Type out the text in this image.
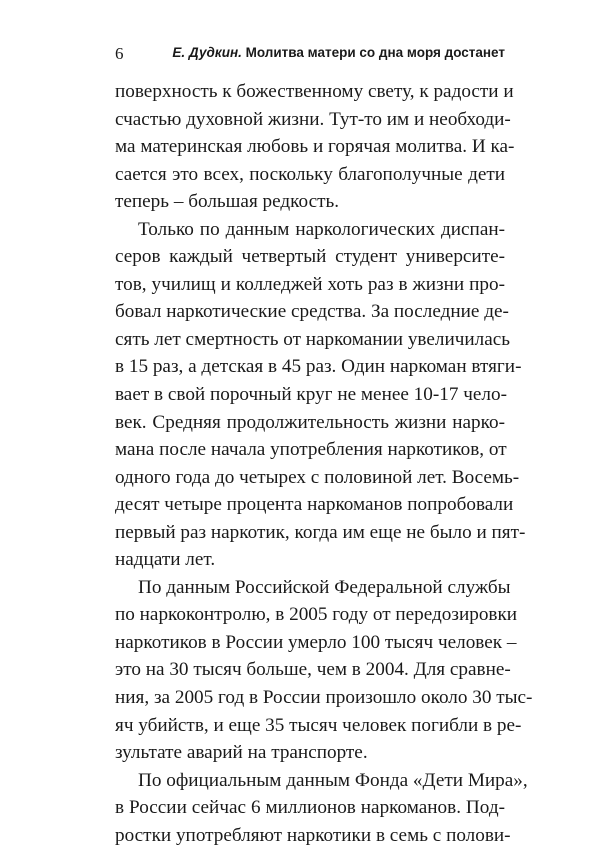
6	Е. Дудкин. Молитва матери со дна моря достанет
поверхность к божественному свету, к радости и
счастью духовной жизни. Тут-то им и необходи-
ма материнская любовь и горячая молитва. И ка-
сается это всех, поскольку благополучные дети
теперь – большая редкость.
Только по данным наркологических диспан-
серов каждый четвертый студент университе-
тов, училищ и колледжей хоть раз в жизни про-
бовал наркотические средства. За последние де-
сять лет смертность от наркомании увеличилась
в 15 раз, а детская в 45 раз. Один наркоман втяги-
вает в свой порочный круг не менее 10-17 чело-
век. Средняя продолжительность жизни нарко-
мана после начала употребления наркотиков, от
одного года до четырех с половиной лет. Восемь-
десят четыре процента наркоманов попробовали
первый раз наркотик, когда им еще не было и пят-
надцати лет.
По данным Российской Федеральной службы
по наркоконтролю, в 2005 году от передозировки
наркотиков в России умерло 100 тысяч человек –
это на 30 тысяч больше, чем в 2004. Для сравне-
ния, за 2005 год в России произошло около 30 тыс-
яч убийств, и еще 35 тысяч человек погибли в ре-
зультате аварий на транспорте.
По официальным данным Фонда «Дети Мира»,
в России сейчас 6 миллионов наркоманов. Под-
ростки употребляют наркотики в семь с полови-
